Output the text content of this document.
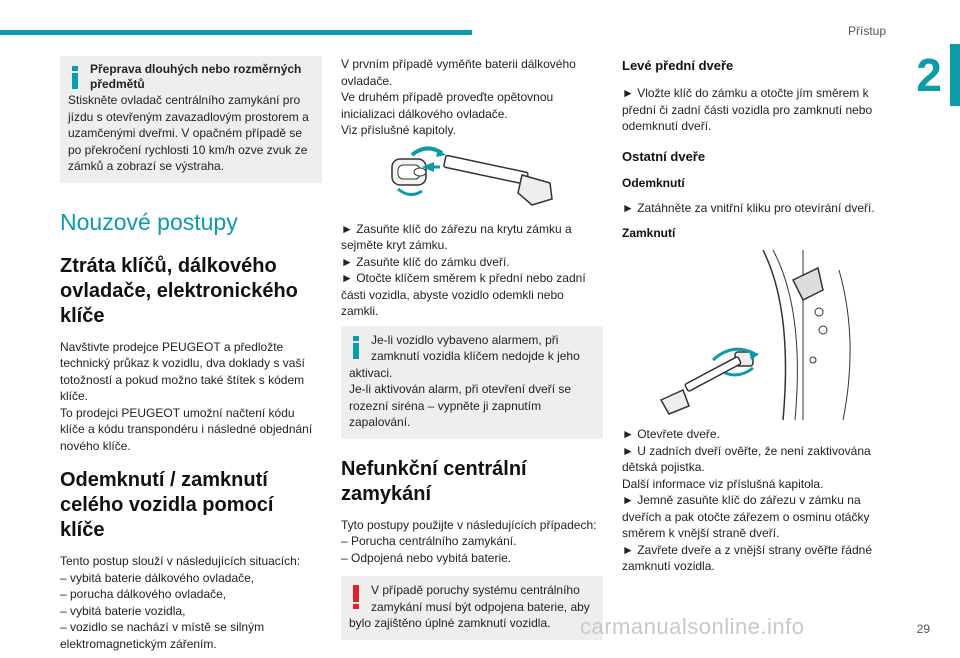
Přístup
2

Přeprava dlouhých nebo rozměrných předmětů

Stiskněte ovladač centrálního zamykání pro jízdu s otevřeným zavazadlovým prostorem a uzamčenými dveřmi. V opačném případě se po překročení rychlosti 10 km/h ozve zvuk ze zámků a zobrazí se výstraha.

Nouzové postupy
Ztráta klíčů, dálkového ovladače, elektronického klíče

Navštivte prodejce PEUGEOT a předložte technický průkaz k vozidlu, dva doklady s vaší totožností a pokud možno také štítek s kódem klíče.

To prodejci PEUGEOT umožní načtení kódu klíče a kódu transpondéru i následné objednání nového klíče.

Odemknutí / zamknutí celého vozidla pomocí klíče

Tento postup slouží v následujících situacích:

– vybitá baterie dálkového ovladače,

– porucha dálkového ovladače,

– vybitá baterie vozidla,

– vozidlo se nachází v místě se silným elektromagnetickým zářením.

V prvním případě vyměňte baterii dálkového ovladače.

Ve druhém případě proveďte opětovnou inicializaci dálkového ovladače.

Viz příslušné kapitoly.

► Zasuňte klíč do zářezu na krytu zámku a sejměte kryt zámku.

► Zasuňte klíč do zámku dveří.

► Otočte klíčem směrem k přední nebo zadní části vozidla, abyste vozidlo odemkli nebo zamkli.

Je-li vozidlo vybaveno alarmem, při zamknutí vozidla klíčem nedojde k jeho aktivaci.

Je-li aktivován alarm, při otevření dveří se rozezní siréna – vypněte ji zapnutím zapalování.

Nefunkční centrální zamykání

Tyto postupy použijte v následujících případech:

– Porucha centrálního zamykání.

– Odpojená nebo vybitá baterie.

V případě poruchy systému centrálního zamykání musí být odpojena baterie, aby bylo zajištěno úplné zamknutí vozidla.

Levé přední dveře

► Vložte klíč do zámku a otočte jím směrem k přední či zadní části vozidla pro zamknutí nebo odemknutí dveří.

Ostatní dveře
Odemknutí

► Zatáhněte za vnitřní kliku pro otevírání dveří.

Zamknutí

► Otevřete dveře.

► U zadních dveří ověřte, že není zaktivována dětská pojistka.

Další informace viz příslušná kapitola.

► Jemně zasuňte klíč do zářezu v zámku na dveřích a pak otočte zářezem o osminu otáčky směrem k vnější straně dveří.

► Zavřete dveře a z vnější strany ověřte řádné zamknutí vozidla.

carmanualsonline.info	29
